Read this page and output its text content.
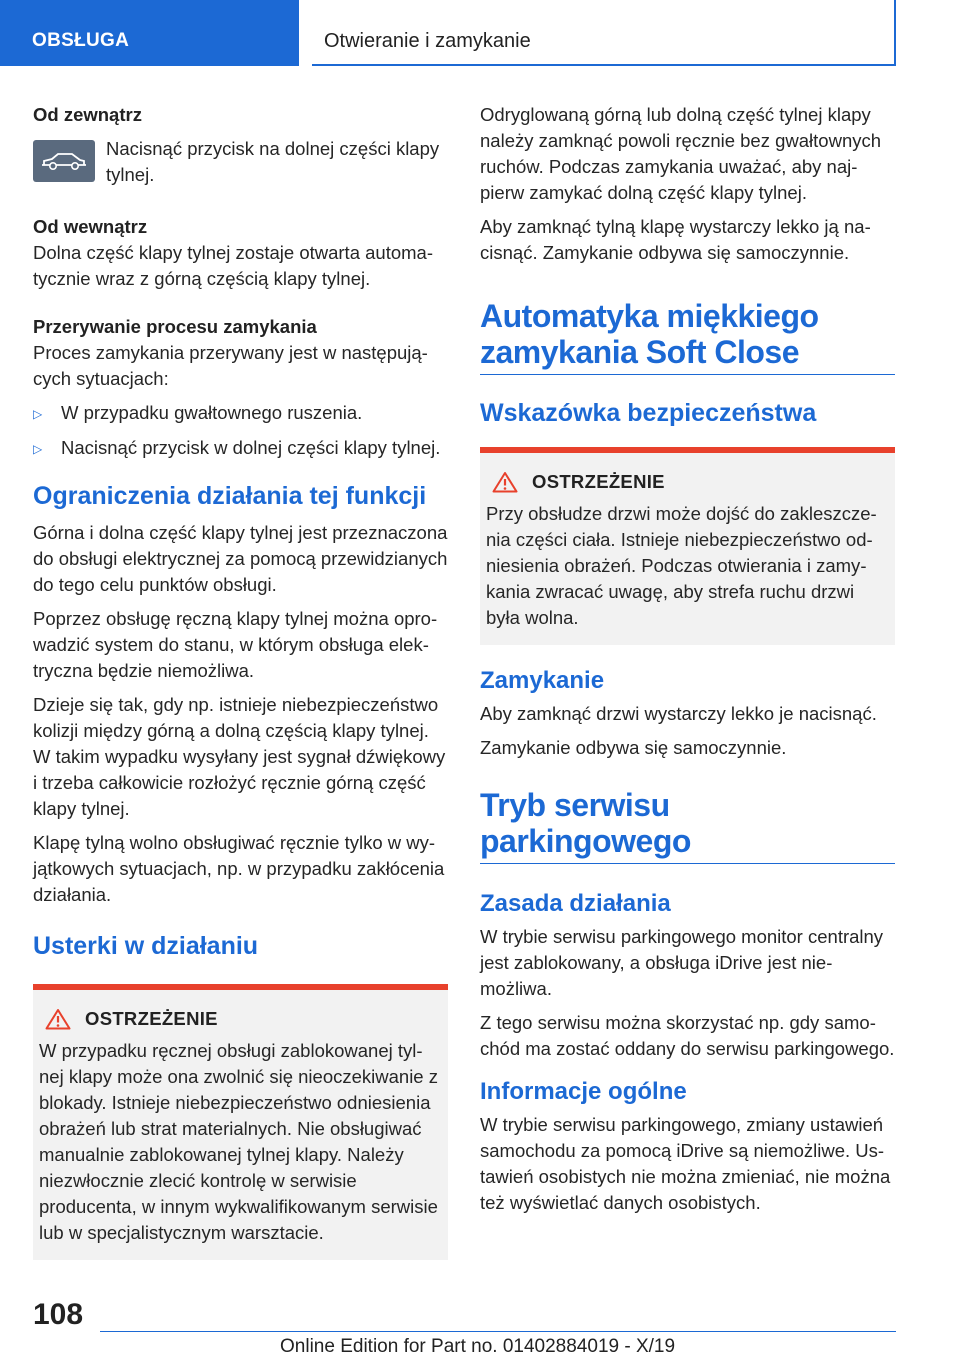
OBSŁUGA	Otwieranie i zamykanie
Od zewnątrz

Nacisnąć przycisk na dolnej części klapy tylnej.

Od wewnątrz

Dolna część klapy tylnej zostaje otwarta automatycznie wraz z górną częścią klapy tylnej.

Przerywanie procesu zamykania

Proces zamykania przerywany jest w następujących sytuacjach:

▷	W przypadku gwałtownego ruszenia.
▷	Nacisnąć przycisk w dolnej części klapy tylnej.
Ograniczenia działania tej funkcji

Górna i dolna część klapy tylnej jest przeznaczona do obsługi elektrycznej za pomocą przewidzianych do tego celu punktów obsługi.

Poprzez obsługę ręczną klapy tylnej można oprowadzić system do stanu, w którym obsługa elektryczna będzie niemożliwa.

Dzieje się tak, gdy np. istnieje niebezpieczeństwo kolizji między górną a dolną częścią klapy tylnej. W takim wypadku wysyłany jest sygnał dźwiękowy i trzeba całkowicie rozłożyć ręcznie górną część klapy tylnej.

Klapę tylną wolno obsługiwać ręcznie tylko w wyjątkowych sytuacjach, np. w przypadku zakłócenia działania.

Usterki w działaniu
OSTRZEŻENIE

W przypadku ręcznej obsługi zablokowanej tylnej klapy może ona zwolnić się nieoczekiwanie z blokady. Istnieje niebezpieczeństwo odniesienia obrażeń lub strat materialnych. Nie obsługiwać manualnie zablokowanej tylnej klapy. Należy niezwłocznie zlecić kontrolę w serwisie producenta, w innym wykwalifikowanym serwisie lub w specjalistycznym warsztacie.

Odryglowaną górną lub dolną część tylnej klapy należy zamknąć powoli ręcznie bez gwałtownych ruchów. Podczas zamykania uważać, aby najpierw zamykać dolną część klapy tylnej.

Aby zamknąć tylną klapę wystarczy lekko ją nacisnąć. Zamykanie odbywa się samoczynnie.

Automatyka miękkiego zamykania Soft Close
Wskazówka bezpieczeństwa
OSTRZEŻENIE

Przy obsłudze drzwi może dojść do zakleszczenia części ciała. Istnieje niebezpieczeństwo odniesienia obrażeń. Podczas otwierania i zamykania zwracać uwagę, aby strefa ruchu drzwi była wolna.

Zamykanie

Aby zamknąć drzwi wystarczy lekko je nacisnąć.

Zamykanie odbywa się samoczynnie.

Tryb serwisu parkingowego
Zasada działania

W trybie serwisu parkingowego monitor centralny jest zablokowany, a obsługa iDrive jest niemożliwa.

Z tego serwisu można skorzystać np. gdy samochód ma zostać oddany do serwisu parkingowego.

Informacje ogólne

W trybie serwisu parkingowego, zmiany ustawień samochodu za pomocą iDrive są niemożliwe. Ustawień osobistych nie można zmieniać, nie można też wyświetlać danych osobistych.

108
Online Edition for Part no. 01402884019 - X/19
